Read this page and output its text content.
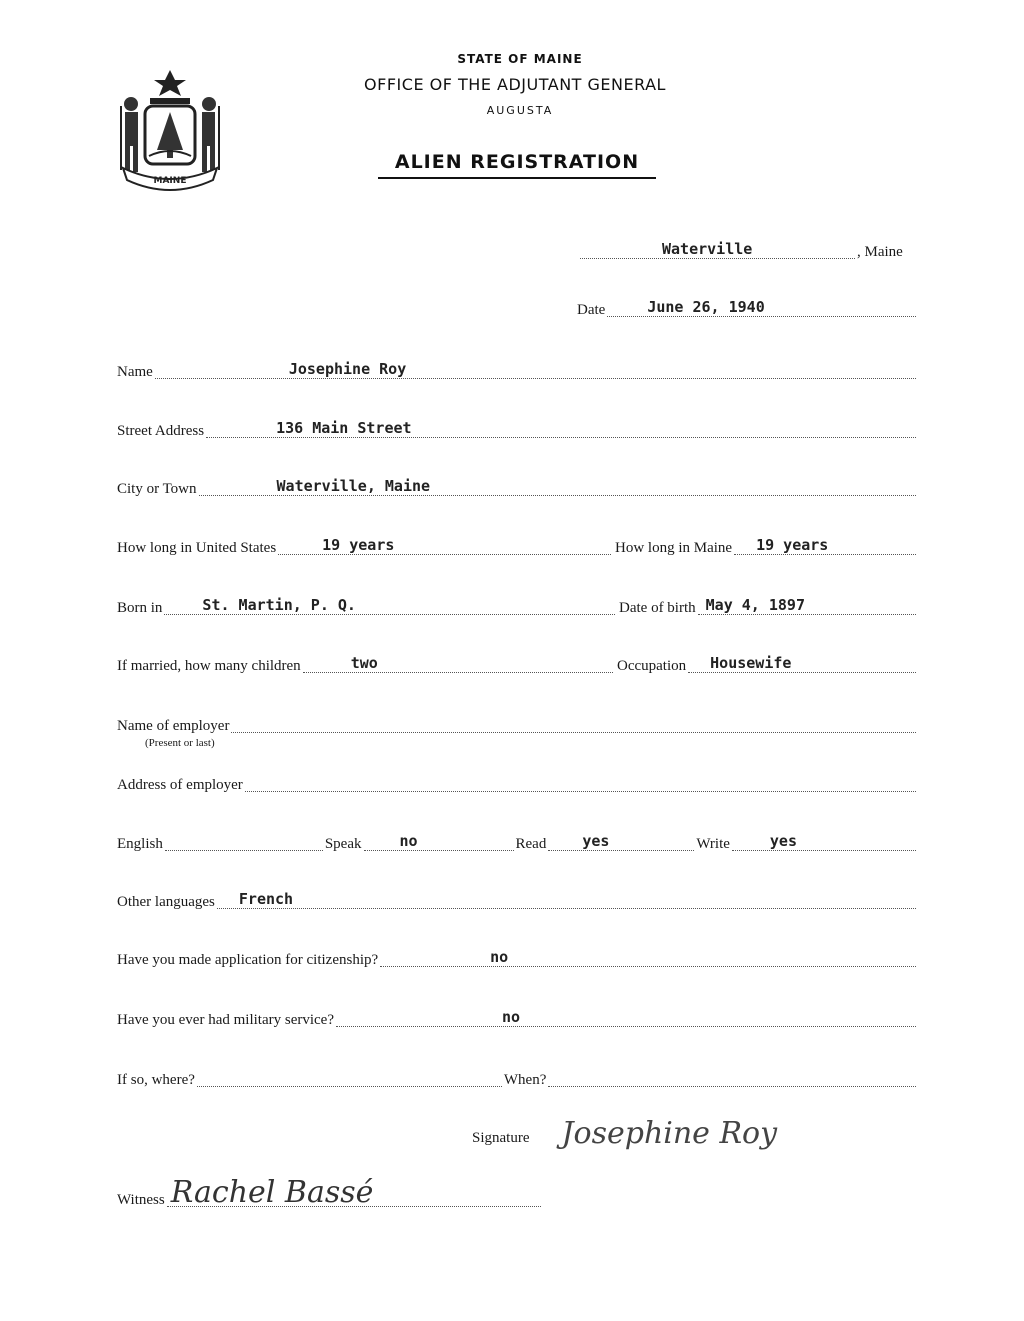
MAINE
STATE OF MAINE
OFFICE OF THE ADJUTANT GENERAL
AUGUSTA
ALIEN REGISTRATION
Waterville	, Maine
Date	June 26, 1940
Name	Josephine Roy
Street Address	136 Main Street
City or Town	Waterville, Maine
How long in United States	19 years	How long in Maine 19 years
Born in	St. Martin, P. Q.	Date of birth May 4, 1897
If married, how many children	two	Occupation Housewife
Name of employer
(Present or last)
Address of employer
English	Speak	no	Read yes	Write	yes
Other languages French
Have you made application for citizenship?	no
Have you ever had military service?	no
If so, where?	When?
Signature Josephine Roy
Witness Rachel Bassé
